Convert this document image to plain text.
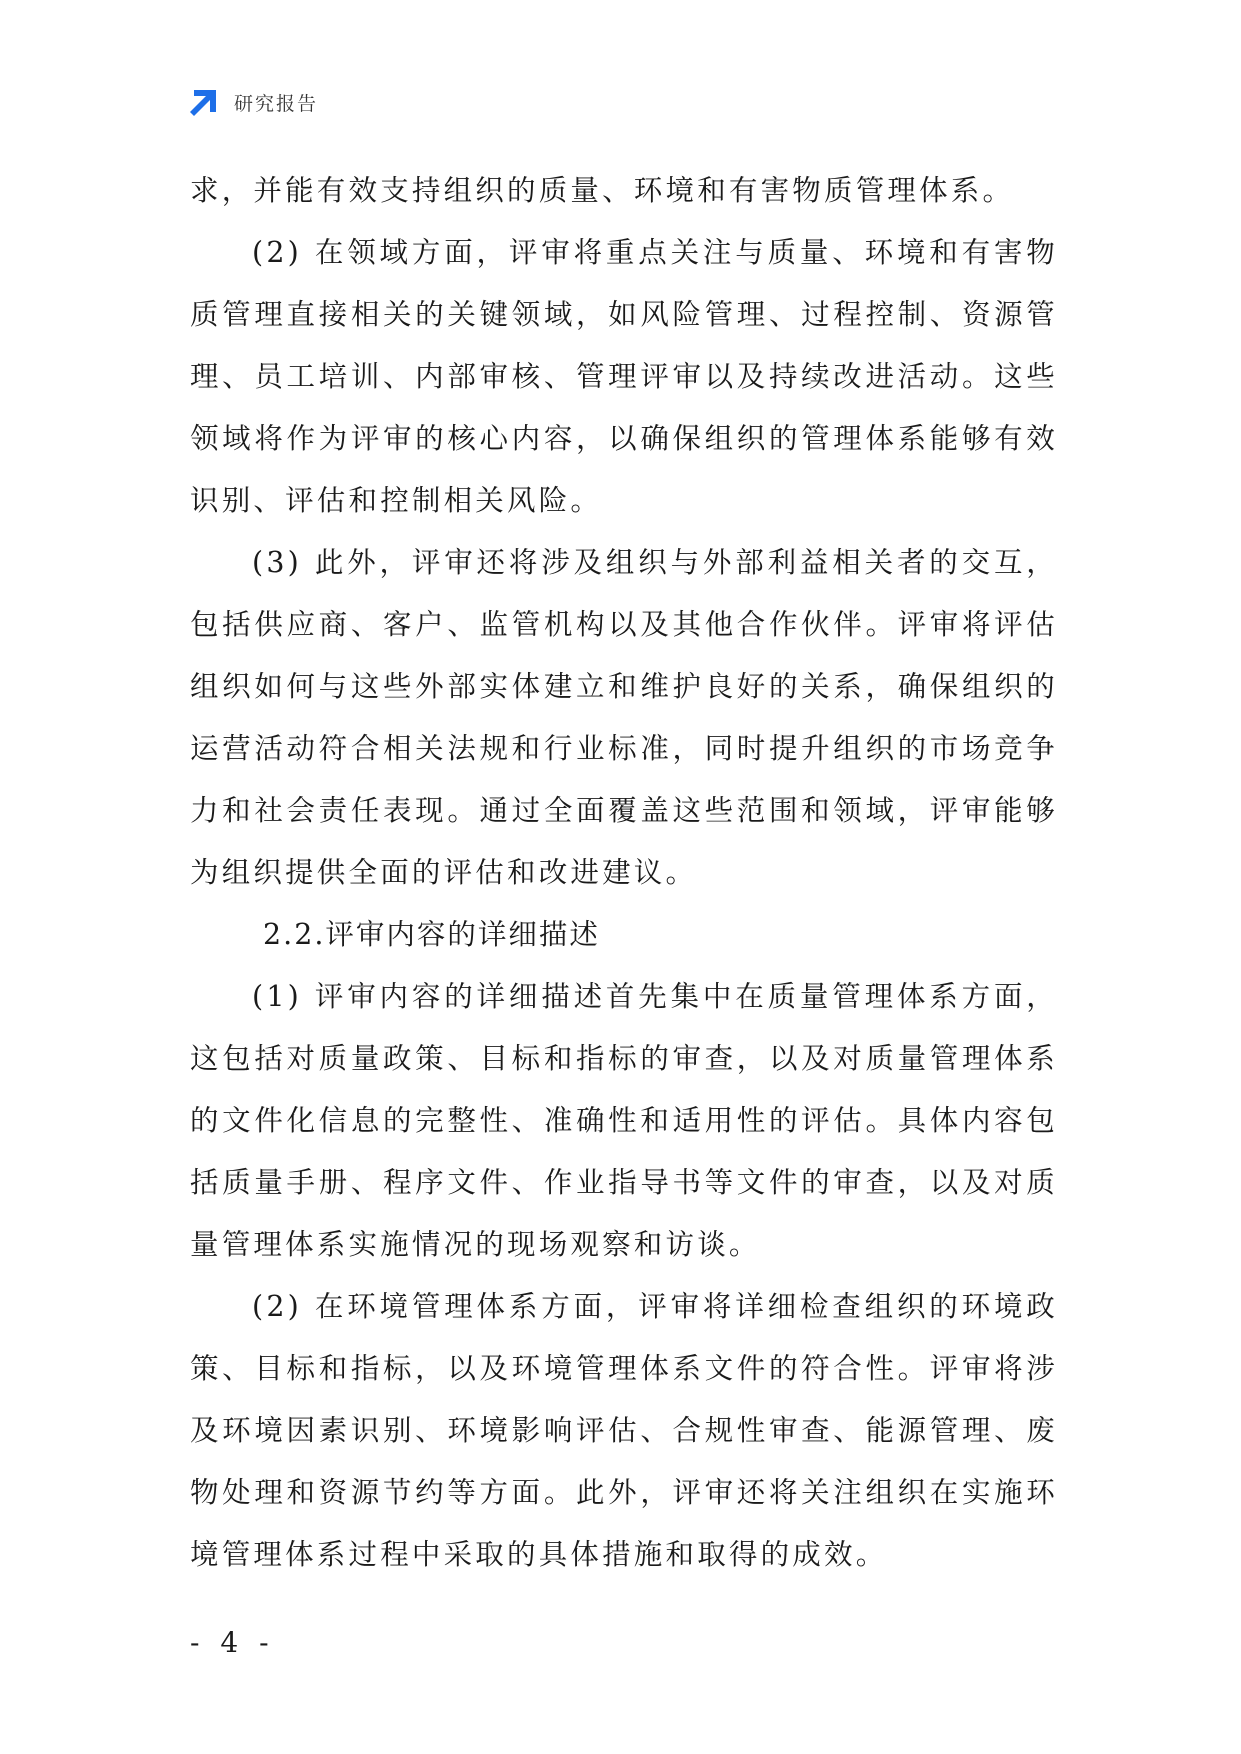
研究报告

求，并能有效支持组织的质量、环境和有害物质管理体系。

(2) 在领域方面，评审将重点关注与质量、环境和有害物质管理直接相关的关键领域，如风险管理、过程控制、资源管理、员工培训、内部审核、管理评审以及持续改进活动。这些领域将作为评审的核心内容，以确保组织的管理体系能够有效识别、评估和控制相关风险。

(3) 此外，评审还将涉及组织与外部利益相关者的交互，包括供应商、客户、监管机构以及其他合作伙伴。评审将评估组织如何与这些外部实体建立和维护良好的关系，确保组织的运营活动符合相关法规和行业标准，同时提升组织的市场竞争力和社会责任表现。通过全面覆盖这些范围和领域，评审能够为组织提供全面的评估和改进建议。

2.2.评审内容的详细描述

(1) 评审内容的详细描述首先集中在质量管理体系方面，这包括对质量政策、目标和指标的审查，以及对质量管理体系的文件化信息的完整性、准确性和适用性的评估。具体内容包括质量手册、程序文件、作业指导书等文件的审查，以及对质量管理体系实施情况的现场观察和访谈。

(2) 在环境管理体系方面，评审将详细检查组织的环境政策、目标和指标，以及环境管理体系文件的符合性。评审将涉及环境因素识别、环境影响评估、合规性审查、能源管理、废物处理和资源节约等方面。此外，评审还将关注组织在实施环境管理体系过程中采取的具体措施和取得的成效。

- 4 -
